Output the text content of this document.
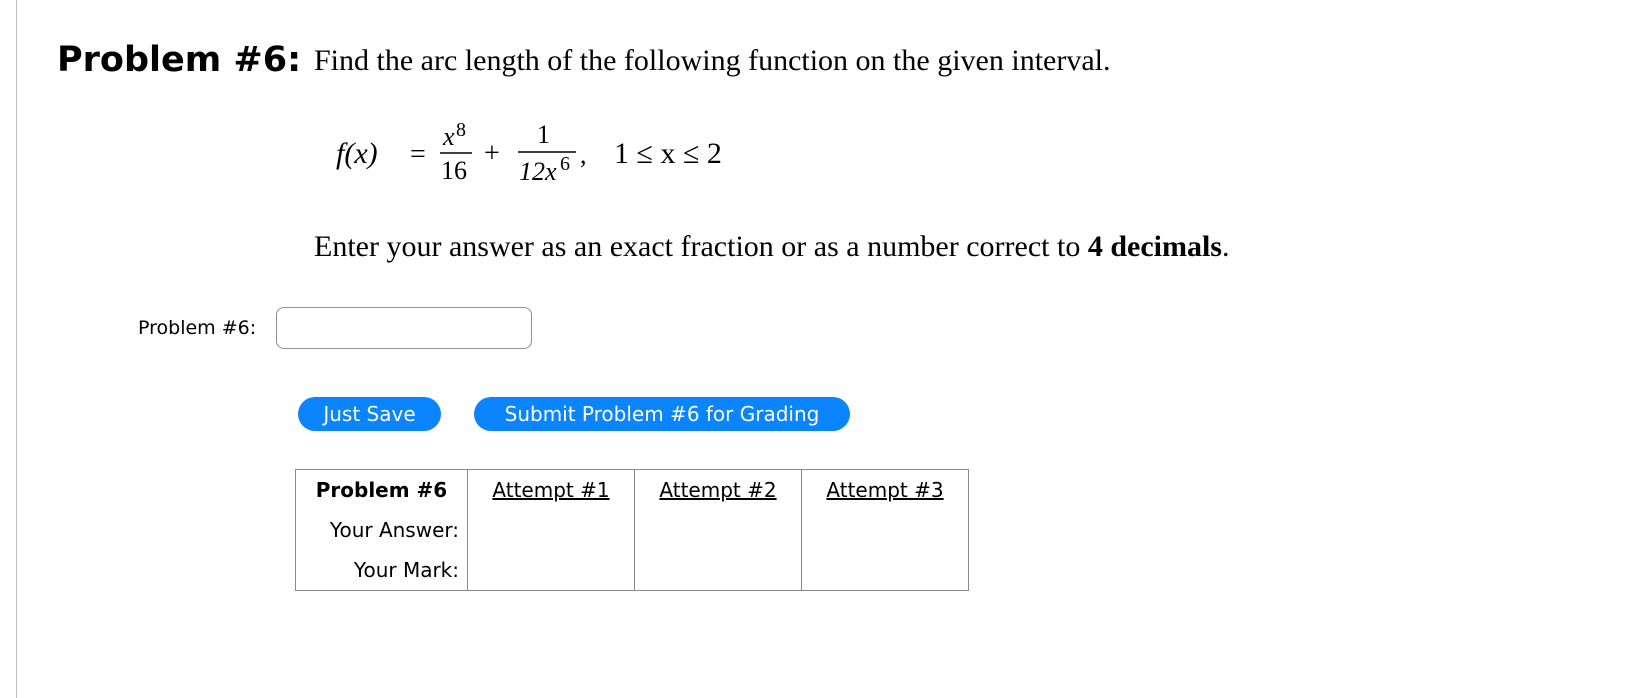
Problem #6: Find the arc length of the following function on the given interval.
f(x) =
x 8
16
+
1
12x 6 , 1 ≤ x ≤ 2
Enter your answer as an exact fraction or as a number correct to 4 decimals.
Problem #6:
Just Save	Submit Problem #6 for Grading
Problem #6	Attempt #1	Attempt #2	Attempt #3
Your Answer:			
Your Mark:			
